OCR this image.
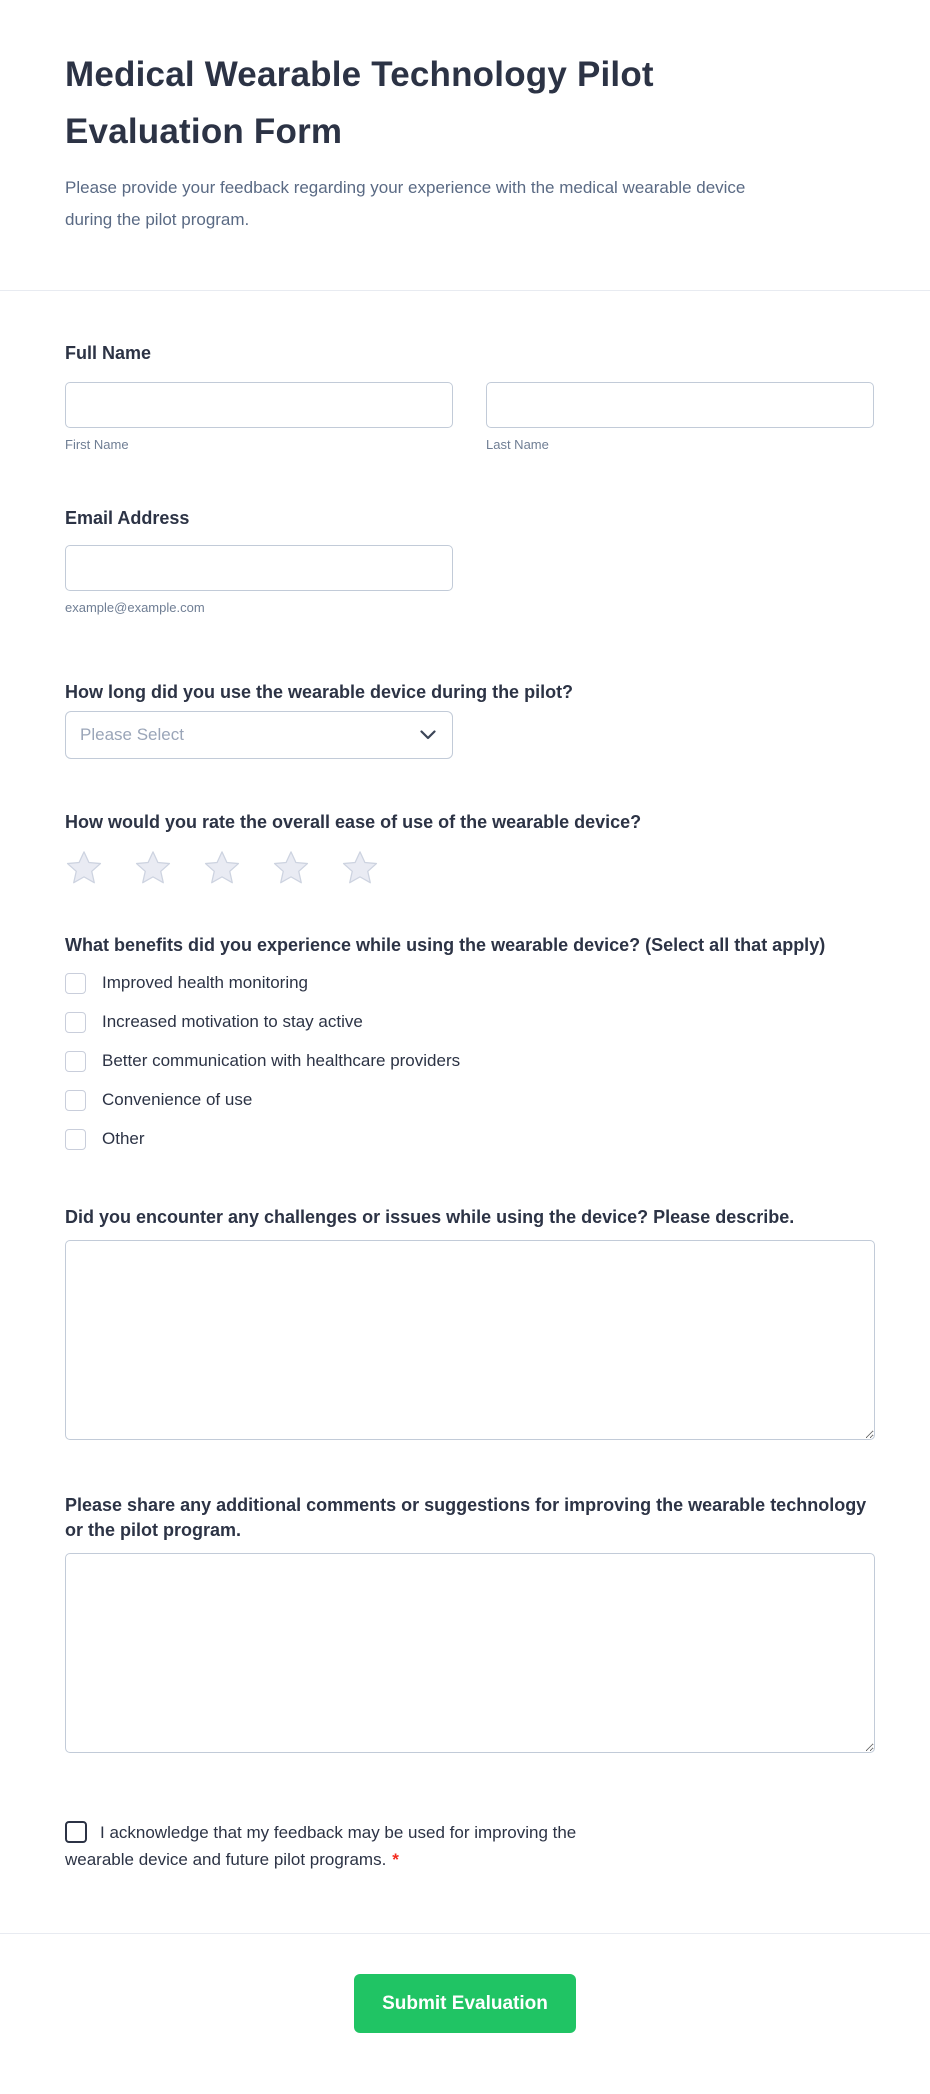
Medical Wearable Technology Pilot Evaluation Form

Please provide your feedback regarding your experience with the medical wearable device during the pilot program.

Full Name
First Name	Last Name
Email Address
example@example.com
How long did you use the wearable device during the pilot?
Please Select
How would you rate the overall ease of use of the wearable device?
What benefits did you experience while using the wearable device? (Select all that apply)
Improved health monitoring
Increased motivation to stay active
Better communication with healthcare providers
Convenience of use
Other
Did you encounter any challenges or issues while using the device? Please describe.
Please share any additional comments or suggestions for improving the wearable technology or the pilot program.
I acknowledge that my feedback may be used for improving the wearable device and future pilot programs. *
Submit Evaluation
